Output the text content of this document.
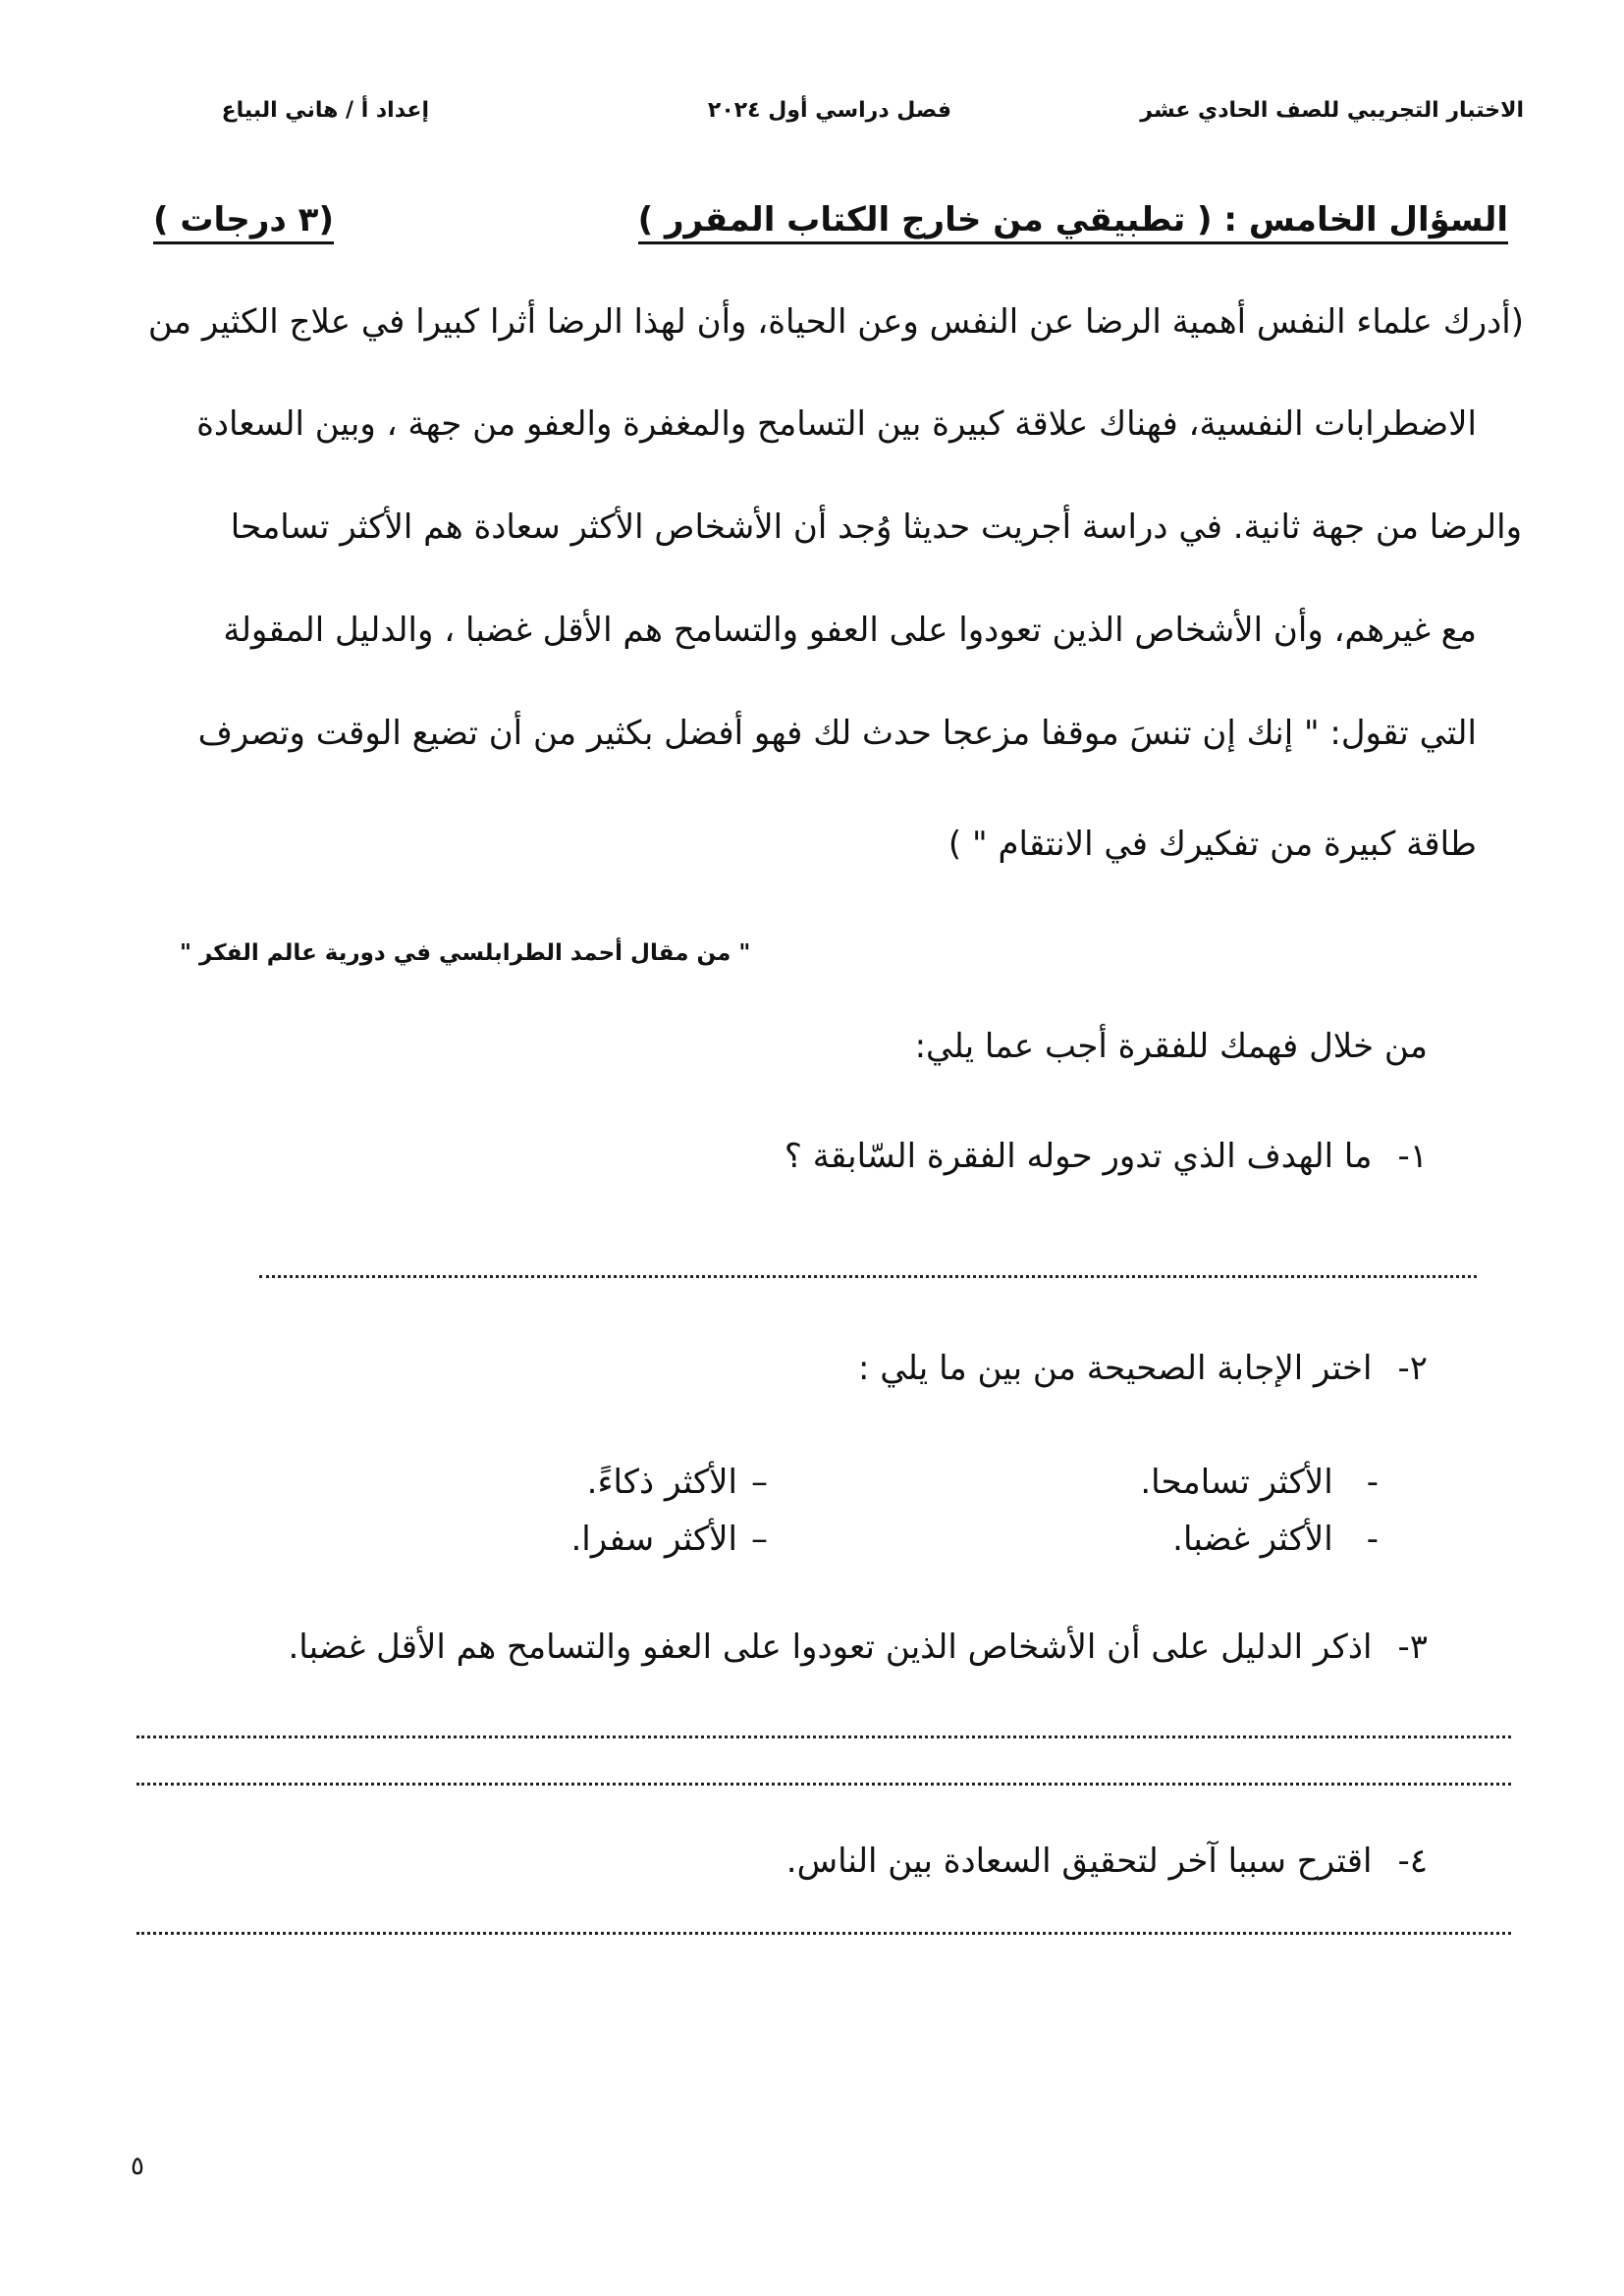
الاختبار التجريبي للصف الحادي عشر
فصل دراسي أول ٢٠٢٤
إعداد أ / هاني البياع
السؤال الخامس : ( تطبيقي من خارج الكتاب المقرر )
(٣ درجات )
(أدرك علماء النفس أهمية الرضا عن النفس وعن الحياة، وأن لهذا الرضا أثرا كبيرا في علاج الكثير من
الاضطرابات النفسية، فهناك علاقة كبيرة بين التسامح والمغفرة والعفو من جهة ، وبين السعادة
والرضا من جهة ثانية. في دراسة أجريت حديثا وُجد أن الأشخاص الأكثر سعادة هم الأكثر تسامحا
مع غيرهم، وأن الأشخاص الذين تعودوا على العفو والتسامح هم الأقل غضبا ، والدليل المقولة
التي تقول: " إنك إن تنسَ موقفا مزعجا حدث لك فهو أفضل بكثير من أن تضيع الوقت وتصرف
طاقة كبيرة من تفكيرك في الانتقام " )
" من مقال أحمد الطرابلسي في دورية عالم الفكر "
من خلال فهمك للفقرة أجب عما يلي:
١-ما الهدف الذي تدور حوله الفقرة السّابقة ؟
٢-اختر الإجابة الصحيحة من بين ما يلي :
-الأكثر تسامحا.
–الأكثر ذكاءً.
-الأكثر غضبا.
–الأكثر سفرا.
٣-اذكر الدليل على أن الأشخاص الذين تعودوا على العفو والتسامح هم الأقل غضبا.
٤-اقترح سببا آخر لتحقيق السعادة بين الناس.
٥
